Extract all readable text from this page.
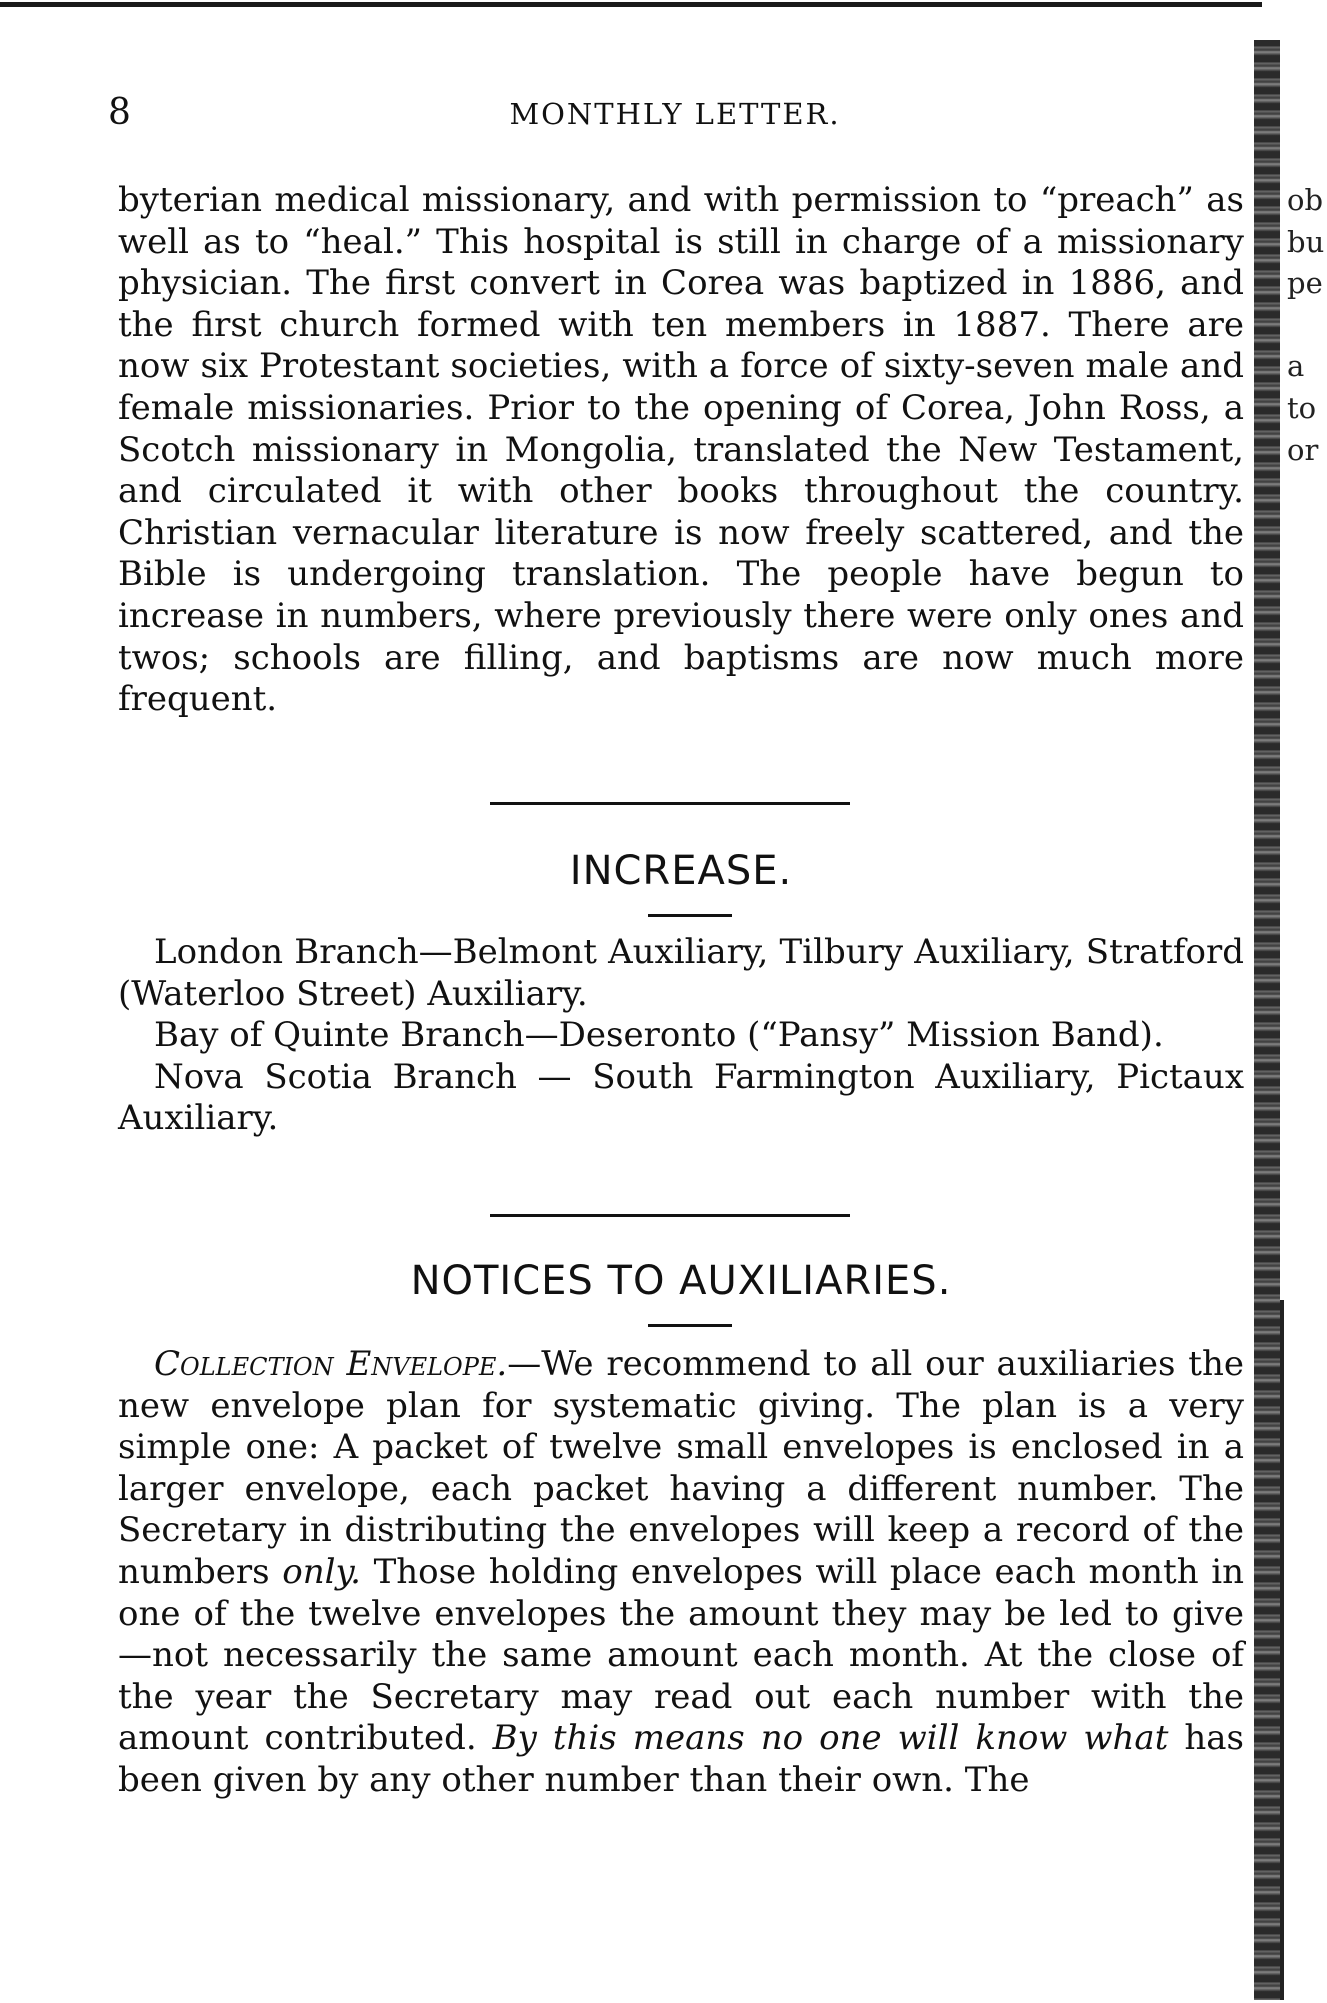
ob
bu
pe
a
to
or
8	MONTHLY LETTER.
byterian medical missionary, and with permission to “preach” as well as to “heal.” This hospital is still in charge of a missionary physician. The first convert in Corea was baptized in 1886, and the first church formed with ten members in 1887. There are now six Protestant societies, with a force of sixty-seven male and female missionaries. Prior to the opening of Corea, John Ross, a Scotch missionary in Mongolia, translated the New Testament, and circulated it with other books throughout the country. Christian vernacular literature is now freely scattered, and the Bible is undergoing translation. The people have begun to increase in numbers, where previously there were only ones and twos; schools are filling, and baptisms are now much more frequent.
INCREASE.

London Branch—Belmont Auxiliary, Tilbury Auxiliary, Stratford (Waterloo Street) Auxiliary.

Bay of Quinte Branch—Deseronto (“Pansy” Mission Band).

Nova Scotia Branch — South Farmington Auxiliary, Pictaux Auxiliary.

NOTICES TO AUXILIARIES.

Collection Envelope.—We recommend to all our auxiliaries the new envelope plan for systematic giving. The plan is a very simple one: A packet of twelve small envelopes is enclosed in a larger envelope, each packet having a different number. The Secretary in distributing the envelopes will keep a record of the numbers only. Those holding envelopes will place each month in one of the twelve envelopes the amount they may be led to give—not necessarily the same amount each month. At the close of the year the Secretary may read out each number with the amount contributed. By this means no one will know what has been given by any other number than their own. The
